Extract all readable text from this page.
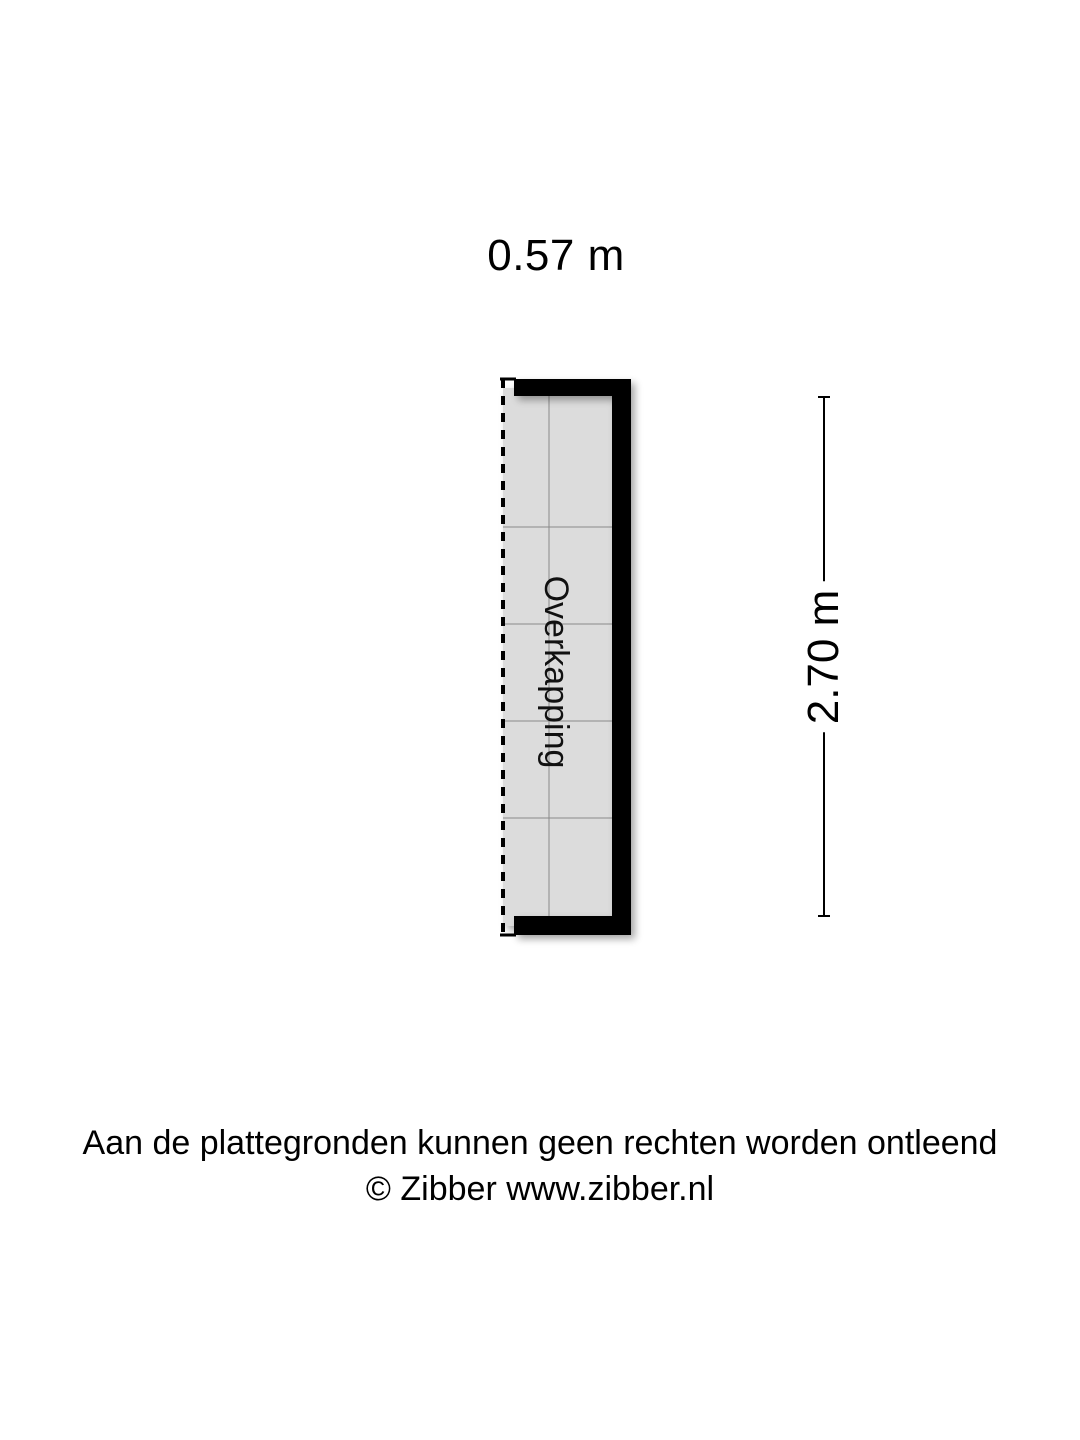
0.57 m
Overkapping	2.70 m
Aan de plattegronden kunnen geen rechten worden ontleend
© Zibber www.zibber.nl
